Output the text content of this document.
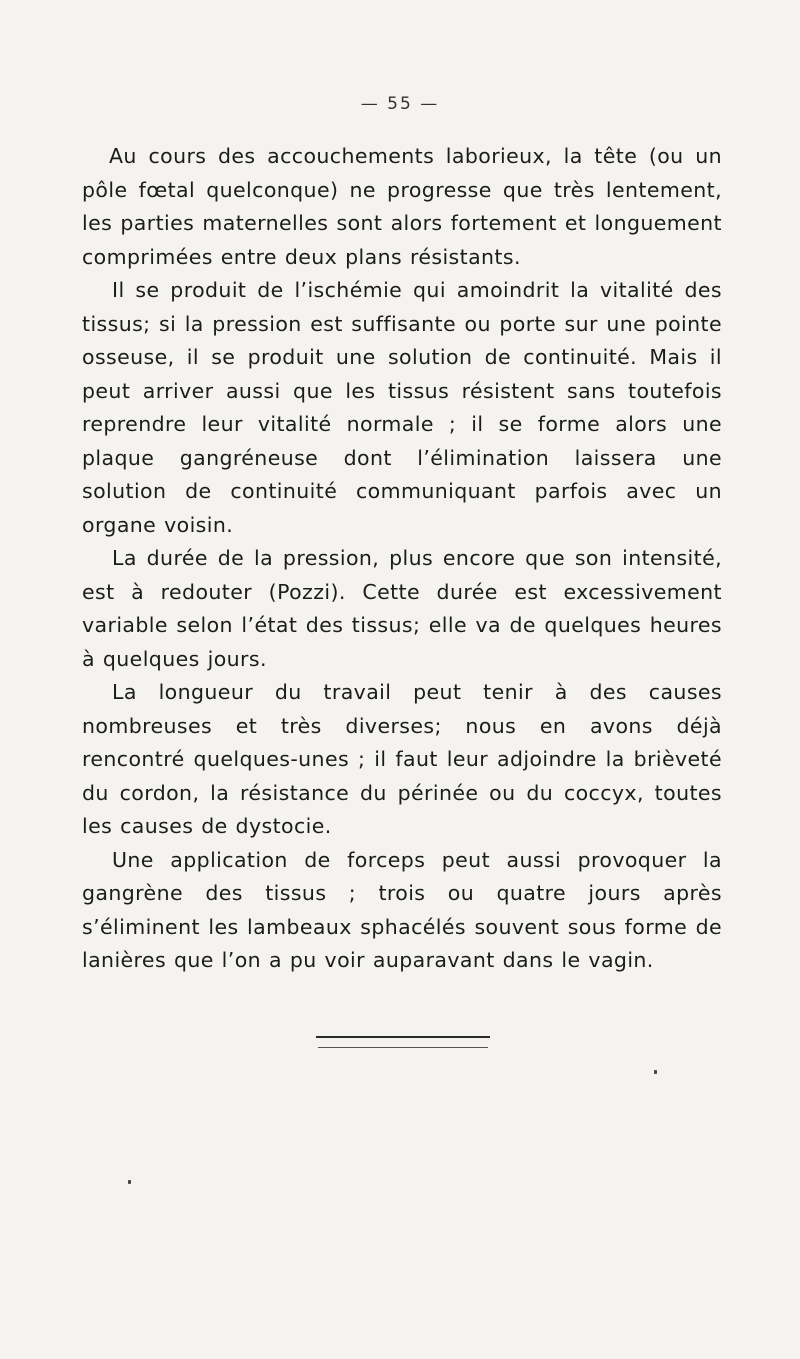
— 55 —

Au cours des accouchements laborieux, la tête (ou un pôle fœtal quelconque) ne progresse que très lentement, les parties maternelles sont alors fortement et longuement comprimées entre deux plans résistants.

Il se produit de l’ischémie qui amoindrit la vitalité des tissus; si la pression est suffisante ou porte sur une pointe osseuse, il se produit une solution de continuité. Mais il peut arriver aussi que les tissus résistent sans toutefois reprendre leur vitalité normale ; il se forme alors une plaque gangréneuse dont l’élimination laissera une solution de continuité communiquant parfois avec un organe voisin.

La durée de la pression, plus encore que son intensité, est à redouter (Pozzi). Cette durée est excessivement variable selon l’état des tissus; elle va de quelques heures à quelques jours.

La longueur du travail peut tenir à des causes nombreuses et très diverses; nous en avons déjà rencontré quelques-unes ; il faut leur adjoindre la brièveté du cordon, la résistance du périnée ou du coccyx, toutes les causes de dystocie.

Une application de forceps peut aussi provoquer la gangrène des tissus ; trois ou quatre jours après s’éliminent les lambeaux sphacélés souvent sous forme de lanières que l’on a pu voir auparavant dans le vagin.
